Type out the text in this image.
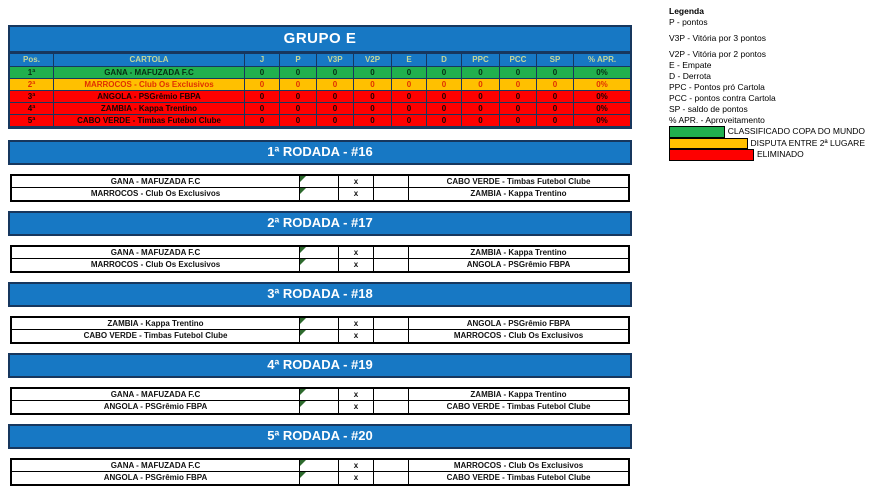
GRUPO E
Pos.	CARTOLA	J	P	V3P	V2P	E	D	PPC	PCC	SP	% APR.
1ª	GANA - MAFUZADA F.C	0	0	0	0	0	0	0	0	0	0%
2ª	MARROCOS - Club Os Exclusivos	0	0	0	0	0	0	0	0	0	0%
3ª	ANGOLA - PSGrêmio FBPA	0	0	0	0	0	0	0	0	0	0%
4ª	ZAMBIA - Kappa Trentino	0	0	0	0	0	0	0	0	0	0%
5ª	CABO VERDE - Timbas Futebol Clube	0	0	0	0	0	0	0	0	0	0%
1ª RODADA - #16
GANA - MAFUZADA F.C	x	CABO VERDE - Timbas Futebol Clube
MARROCOS - Club Os Exclusivos	x	ZAMBIA - Kappa Trentino
2ª RODADA - #17
GANA - MAFUZADA F.C	x	ZAMBIA - Kappa Trentino
MARROCOS - Club Os Exclusivos	x	ANGOLA - PSGrêmio FBPA
3ª RODADA - #18
ZAMBIA - Kappa Trentino	x	ANGOLA - PSGrêmio FBPA
CABO VERDE - Timbas Futebol Clube	x	MARROCOS - Club Os Exclusivos
4ª RODADA - #19
GANA - MAFUZADA F.C	x	ZAMBIA - Kappa Trentino
ANGOLA - PSGrêmio FBPA	x	CABO VERDE - Timbas Futebol Clube
5ª RODADA - #20
GANA - MAFUZADA F.C	x	MARROCOS - Club Os Exclusivos
ANGOLA - PSGrêmio FBPA	x	CABO VERDE - Timbas Futebol Clube
Legenda
P - pontos
V3P - Vitória por 3 pontos
V2P - Vitória por 2 pontos
E - Empate
D - Derrota
PPC - Pontos pró Cartola
PCC - pontos contra Cartola
SP - saldo de pontos
% APR. - Aproveitamento
CLASSIFICADO COPA DO MUNDO
DISPUTA ENTRE 2ª LUGARE
ELIMINADO
